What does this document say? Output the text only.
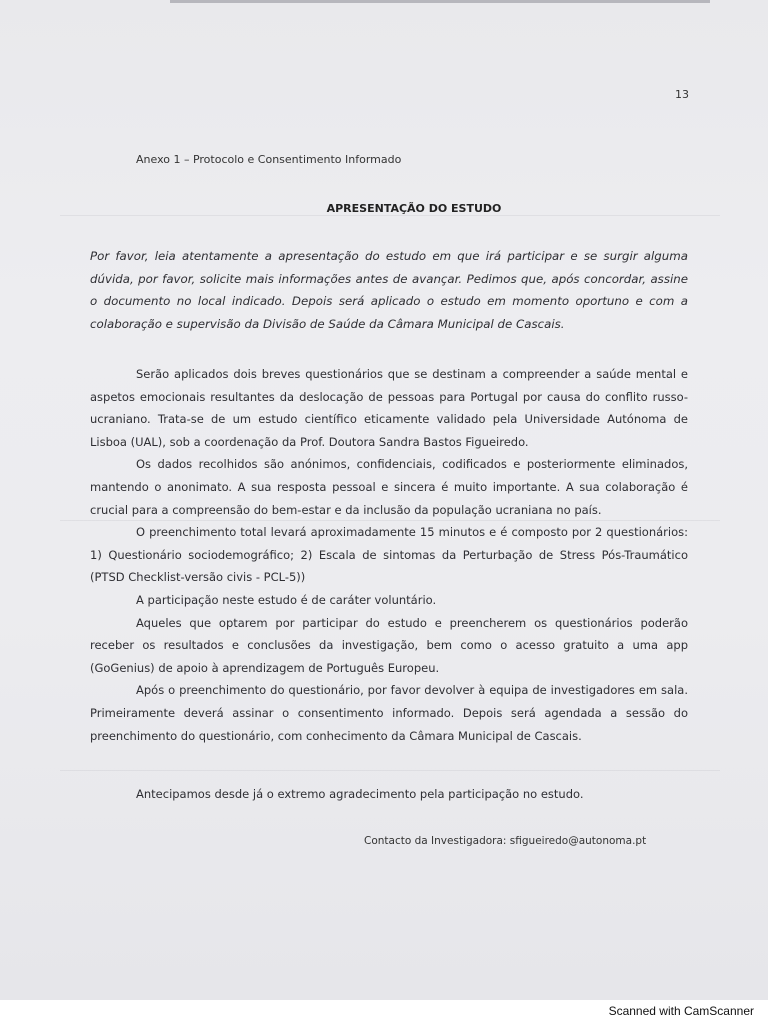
13
Anexo 1 – Protocolo e Consentimento Informado
APRESENTAÇÃO DO ESTUDO
Por favor, leia atentamente a apresentação do estudo em que irá participar e se surgir alguma dúvida, por favor, solicite mais informações antes de avançar. Pedimos que, após concordar, assine o documento no local indicado. Depois será aplicado o estudo em momento oportuno e com a colaboração e supervisão da Divisão de Saúde da Câmara Municipal de Cascais.

Serão aplicados dois breves questionários que se destinam a compreender a saúde mental e aspetos emocionais resultantes da deslocação de pessoas para Portugal por causa do conflito russo-ucraniano. Trata-se de um estudo científico eticamente validado pela Universidade Autónoma de Lisboa (UAL), sob a coordenação da Prof. Doutora Sandra Bastos Figueiredo.

Os dados recolhidos são anónimos, confidenciais, codificados e posteriormente eliminados, mantendo o anonimato. A sua resposta pessoal e sincera é muito importante. A sua colaboração é crucial para a compreensão do bem-estar e da inclusão da população ucraniana no país.

O preenchimento total levará aproximadamente 15 minutos e é composto por 2 questionários: 1) Questionário sociodemográfico; 2) Escala de sintomas da Perturbação de Stress Pós-Traumático (PTSD Checklist-versão civis - PCL-5))

A participação neste estudo é de caráter voluntário.

Aqueles que optarem por participar do estudo e preencherem os questionários poderão receber os resultados e conclusões da investigação, bem como o acesso gratuito a uma app (GoGenius) de apoio à aprendizagem de Português Europeu.

Após o preenchimento do questionário, por favor devolver à equipa de investigadores em sala. Primeiramente deverá assinar o consentimento informado. Depois será agendada a sessão do preenchimento do questionário, com conhecimento da Câmara Municipal de Cascais.

Antecipamos desde já o extremo agradecimento pela participação no estudo.
Contacto da Investigadora: sfigueiredo@autonoma.pt
Scanned with CamScanner
